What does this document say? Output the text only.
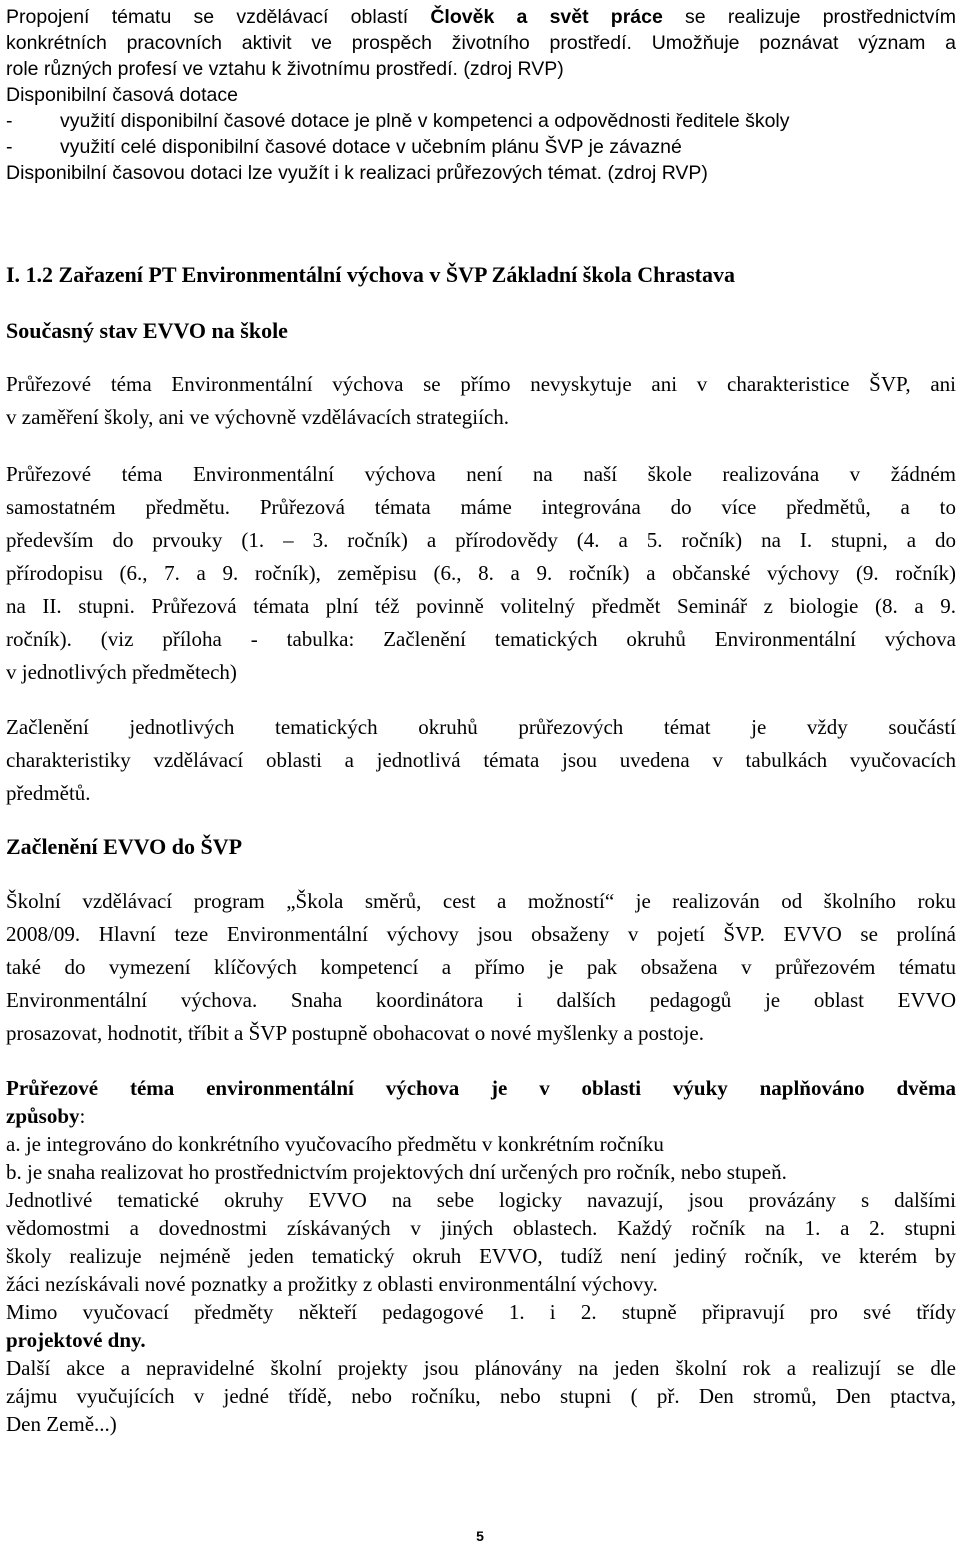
Propojení tématu se vzdělávací oblastí Člověk a svět práce se realizuje prostřednictvím
konkrétních pracovních aktivit ve prospěch životního prostředí. Umožňuje poznávat význam a
role různých profesí ve vztahu k životnímu prostředí. (zdroj RVP)
Disponibilní časová dotace
- využití disponibilní časové dotace je plně v kompetenci a odpovědnosti ředitele školy
- využití celé disponibilní časové dotace v učebním plánu ŠVP je závazné
Disponibilní časovou dotaci lze využít i k realizaci průřezových témat. (zdroj RVP)
I. 1.2 Zařazení PT Environmentální výchova v ŠVP Základní škola Chrastava
Současný stav EVVO na škole
Průřezové téma Environmentální výchova se přímo nevyskytuje ani v charakteristice ŠVP, ani
v zaměření školy, ani ve výchovně vzdělávacích strategiích.
Průřezové téma Environmentální výchova není na naší škole realizována v žádném
samostatném předmětu. Průřezová témata máme integrována do více předmětů, a to
především do prvouky (1. – 3. ročník) a přírodovědy (4. a 5. ročník) na I. stupni, a do
přírodopisu (6., 7. a 9. ročník), zeměpisu (6., 8. a 9. ročník) a občanské výchovy (9. ročník)
na II. stupni. Průřezová témata plní též povinně volitelný předmět Seminář z biologie (8. a 9.
ročník). (viz příloha - tabulka: Začlenění tematických okruhů Environmentální výchova
v jednotlivých předmětech)
Začlenění jednotlivých tematických okruhů průřezových témat je vždy součástí
charakteristiky vzdělávací oblasti a jednotlivá témata jsou uvedena v tabulkách vyučovacích
předmětů.
Začlenění EVVO do ŠVP
Školní vzdělávací program „Škola směrů, cest a možností“ je realizován od školního roku
2008/09. Hlavní teze Environmentální výchovy jsou obsaženy v pojetí ŠVP. EVVO se prolíná
také do vymezení klíčových kompetencí a přímo je pak obsažena v průřezovém tématu
Environmentální výchova. Snaha koordinátora i dalších pedagogů je oblast EVVO
prosazovat, hodnotit, tříbit a ŠVP postupně obohacovat o nové myšlenky a postoje.
Průřezové téma environmentální výchova je v oblasti výuky naplňováno dvěma
způsoby:
a. je integrováno do konkrétního vyučovacího předmětu v konkrétním ročníku
b. je snaha realizovat ho prostřednictvím projektových dní určených pro ročník, nebo stupeň.
Jednotlivé tematické okruhy EVVO na sebe logicky navazují, jsou provázány s dalšími
vědomostmi a dovednostmi získávaných v jiných oblastech. Každý ročník na 1. a 2. stupni
školy realizuje nejméně jeden tematický okruh EVVO, tudíž není jediný ročník, ve kterém by
žáci nezískávali nové poznatky a prožitky z oblasti environmentální výchovy.
Mimo vyučovací předměty někteří pedagogové 1. i 2. stupně připravují pro své třídy
projektové dny.
Další akce a nepravidelné školní projekty jsou plánovány na jeden školní rok a realizují se dle
zájmu vyučujících v jedné třídě, nebo ročníku, nebo stupni ( př. Den stromů, Den ptactva,
Den Země...)
5
